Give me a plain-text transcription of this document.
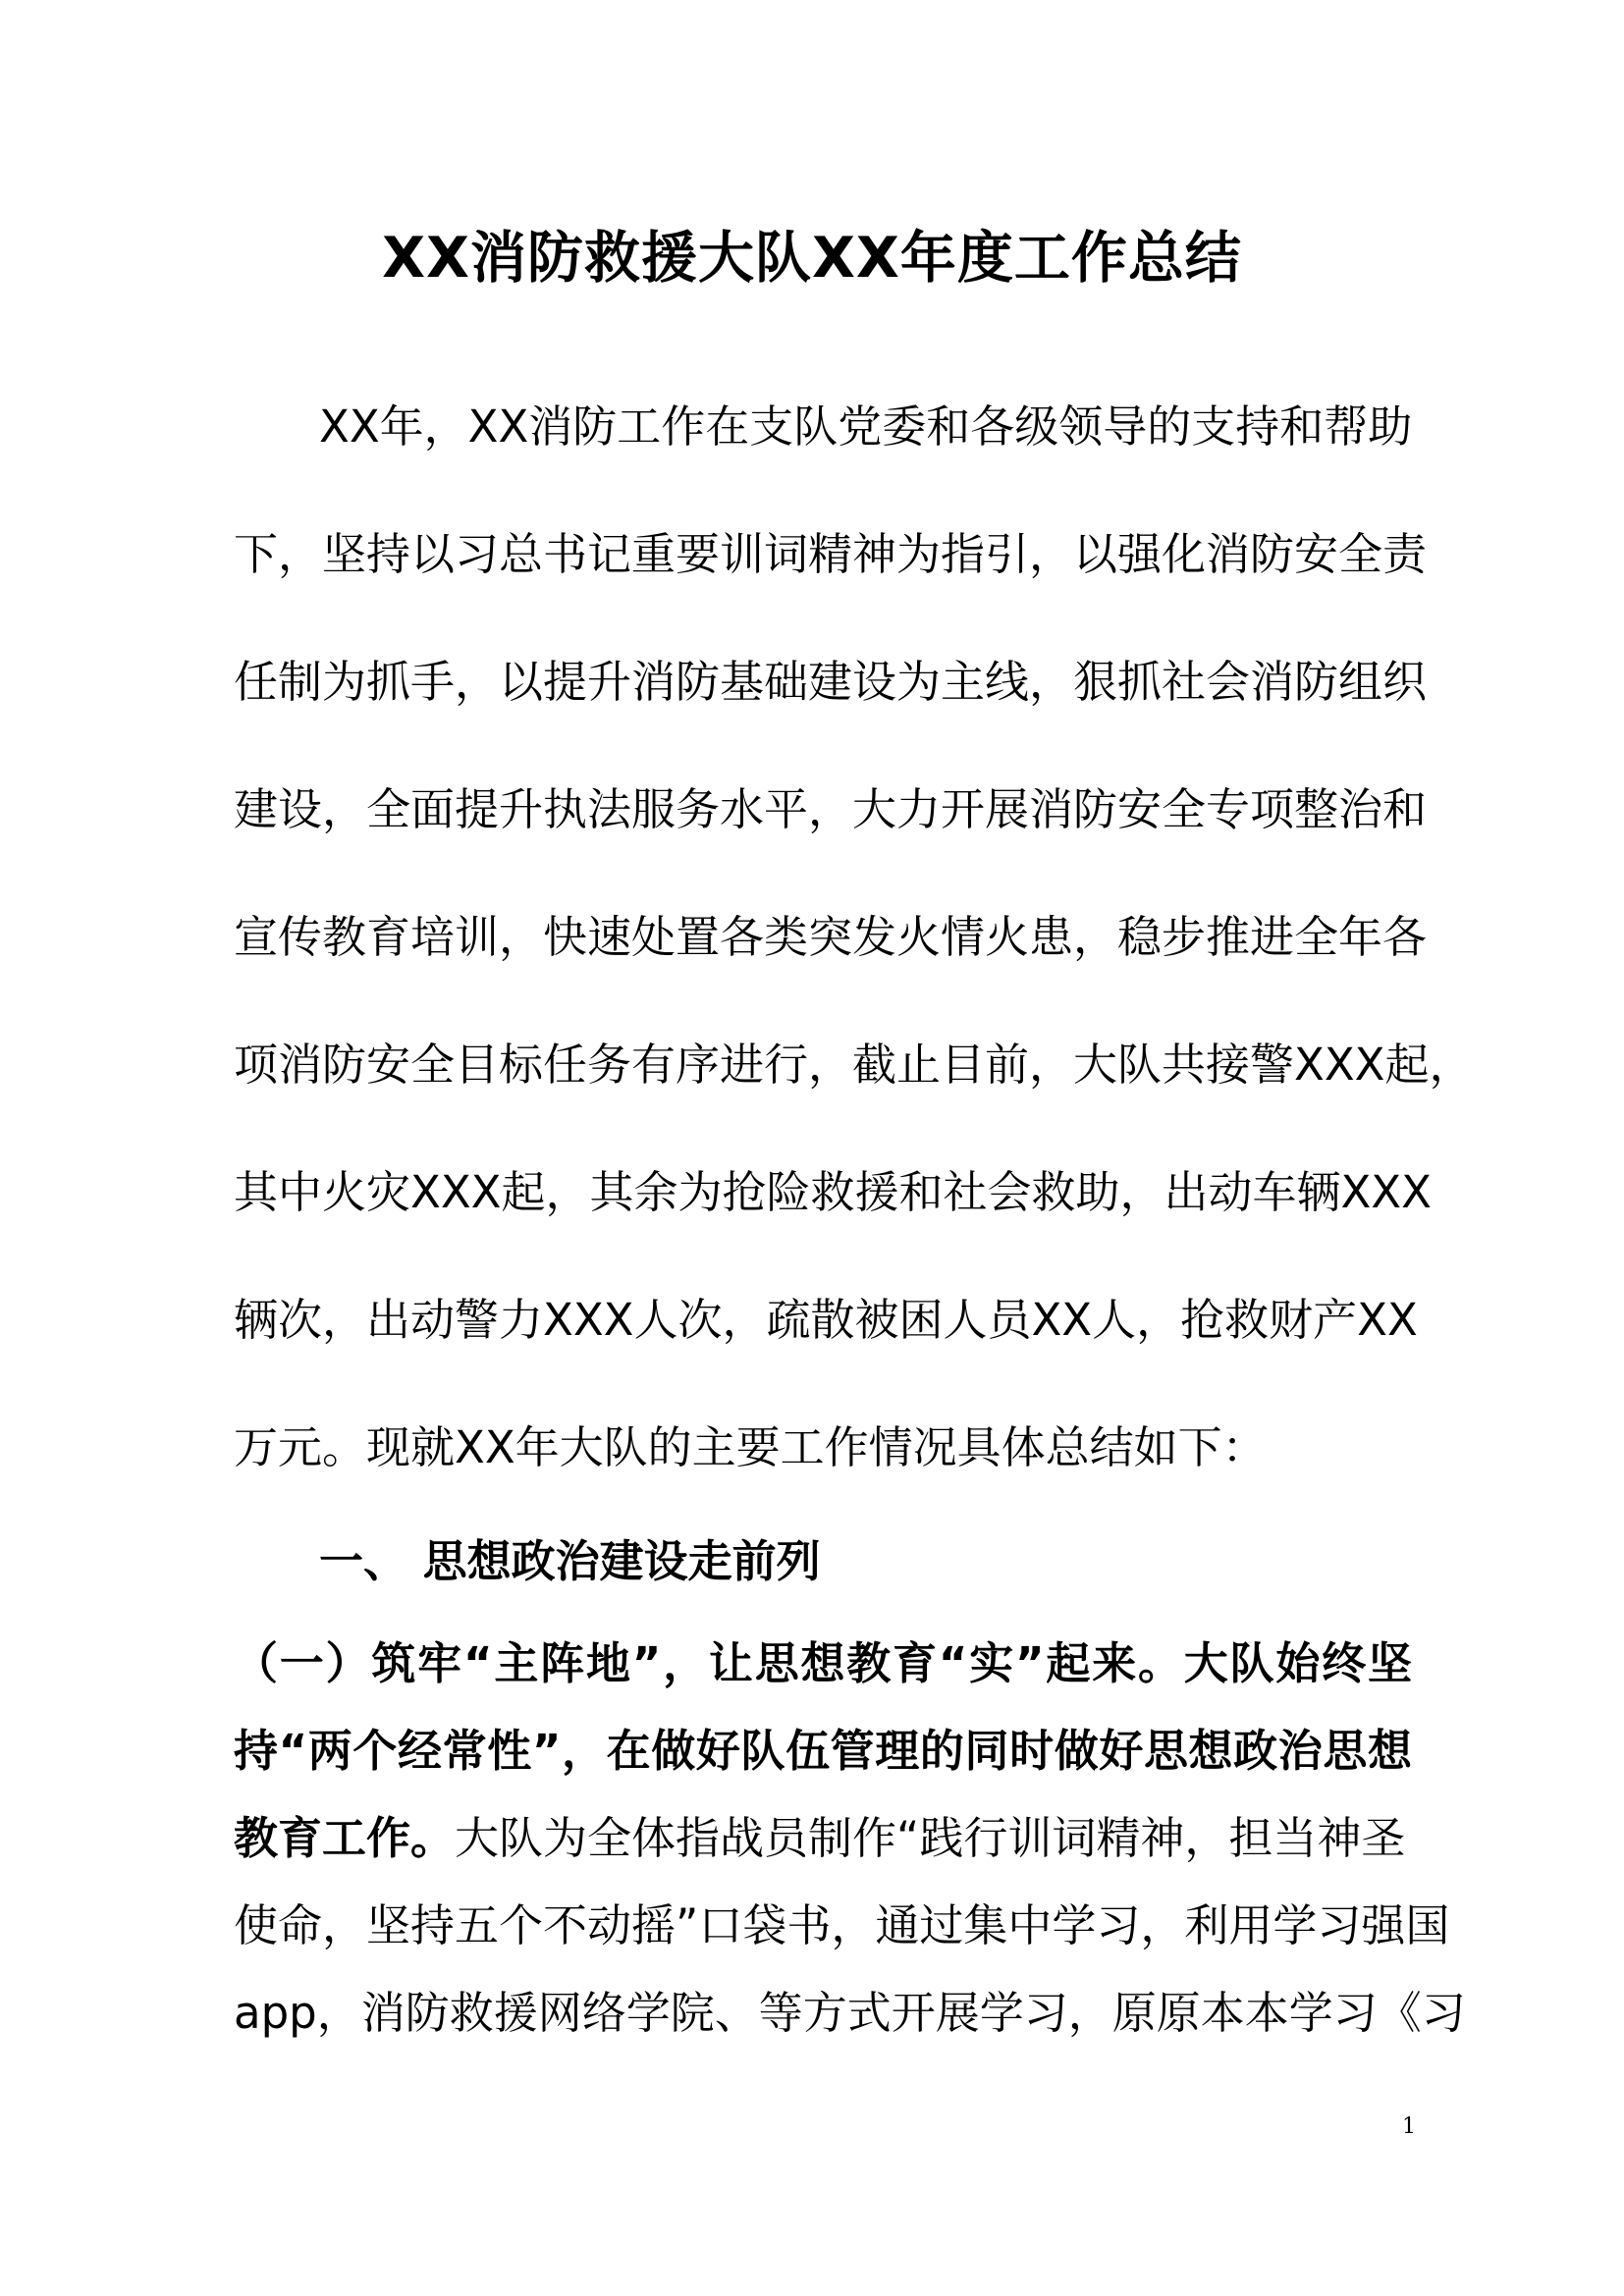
XX消防救援大队XX年度工作总结
XX年，XX消防工作在支队党委和各级领导的支持和帮助
下，坚持以习总书记重要训词精神为指引，以强化消防安全责
任制为抓手，以提升消防基础建设为主线，狠抓社会消防组织
建设，全面提升执法服务水平，大力开展消防安全专项整治和
宣传教育培训，快速处置各类突发火情火患，稳步推进全年各
项消防安全目标任务有序进行，截止目前，大队共接警XXX起，
其中火灾XXX起，其余为抢险救援和社会救助，出动车辆XXX
辆次，出动警力XXX人次，疏散被困人员XX人，抢救财产XX
万元。现就XX年大队的主要工作情况具体总结如下：
一、 思想政治建设走前列
（一）筑牢“主阵地”，让思想教育“实”起来。大队始终坚
持“两个经常性”，在做好队伍管理的同时做好思想政治思想
教育工作。大队为全体指战员制作“践行训词精神，担当神圣
使命，坚持五个不动摇”口袋书，通过集中学习，利用学习强国
app，消防救援网络学院、等方式开展学习，原原本本学习《习
1
